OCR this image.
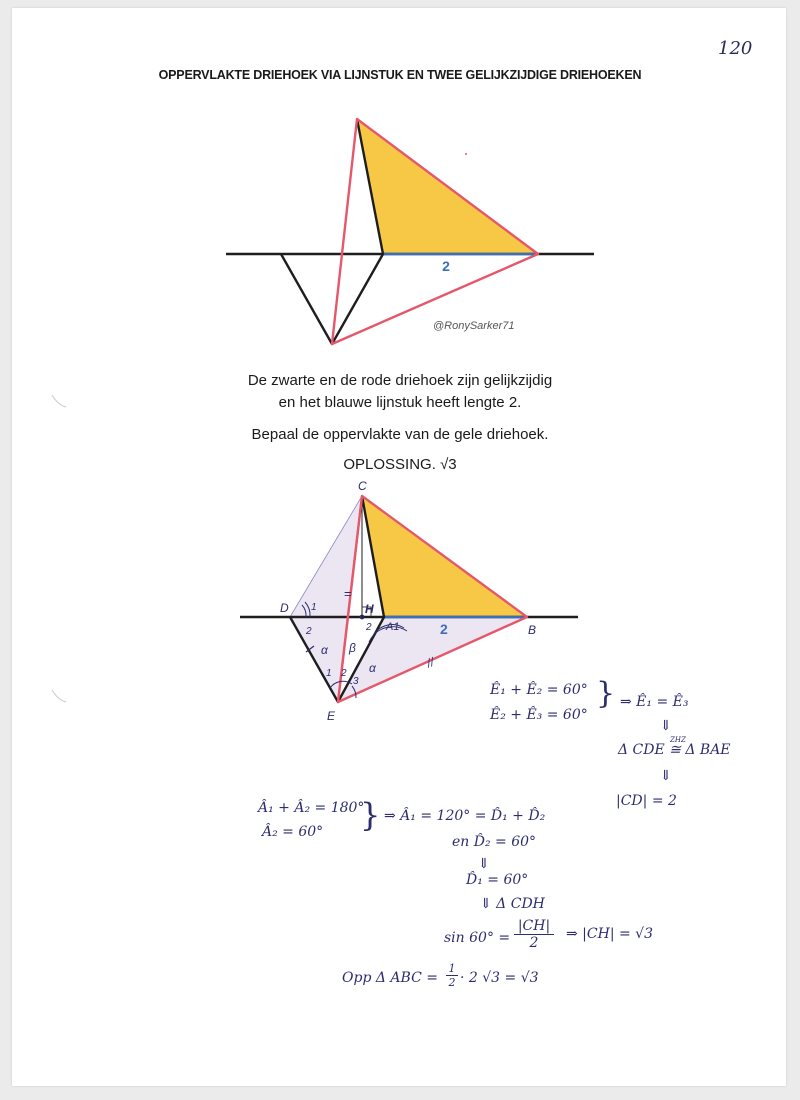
120
OPPERVLAKTE DRIEHOEK VIA LIJNSTUK EN TWEE GELIJKZIJDIGE DRIEHOEKEN
2
@RonySarker71
De zwarte en de rode driehoek zijn gelijkzijdig
en het blauwe lijnstuk heeft lengte 2.
Bepaal de oppervlakte van de gele driehoek.
OPLOSSING. √3
C
D	H
B
E
A1	2
α
α
β
1
2	2
1 2
3
=
//
Ê₁ + Ê₂ = 60°
Ê₂ + Ê₃ = 60°
} ⇒ Ê₁ = Ê₃
⇓
Δ CDE ≅ Δ BAE
ZHZ
⇓
|CD| = 2
Â₁ + Â₂ = 180°
Â₂ = 60° } ⇒ Â₁ = 120° = D̂₁ + D̂₂
en D̂₂ = 60°
⇓
D̂₁ = 60°
⇓ Δ CDH
$\sin 60^\circ = \frac{|CH|}{2}$ ⇒ |CH| = √3
Opp Δ ABC = $\frac{1}{2} \cdot 2$ √3 = √3
